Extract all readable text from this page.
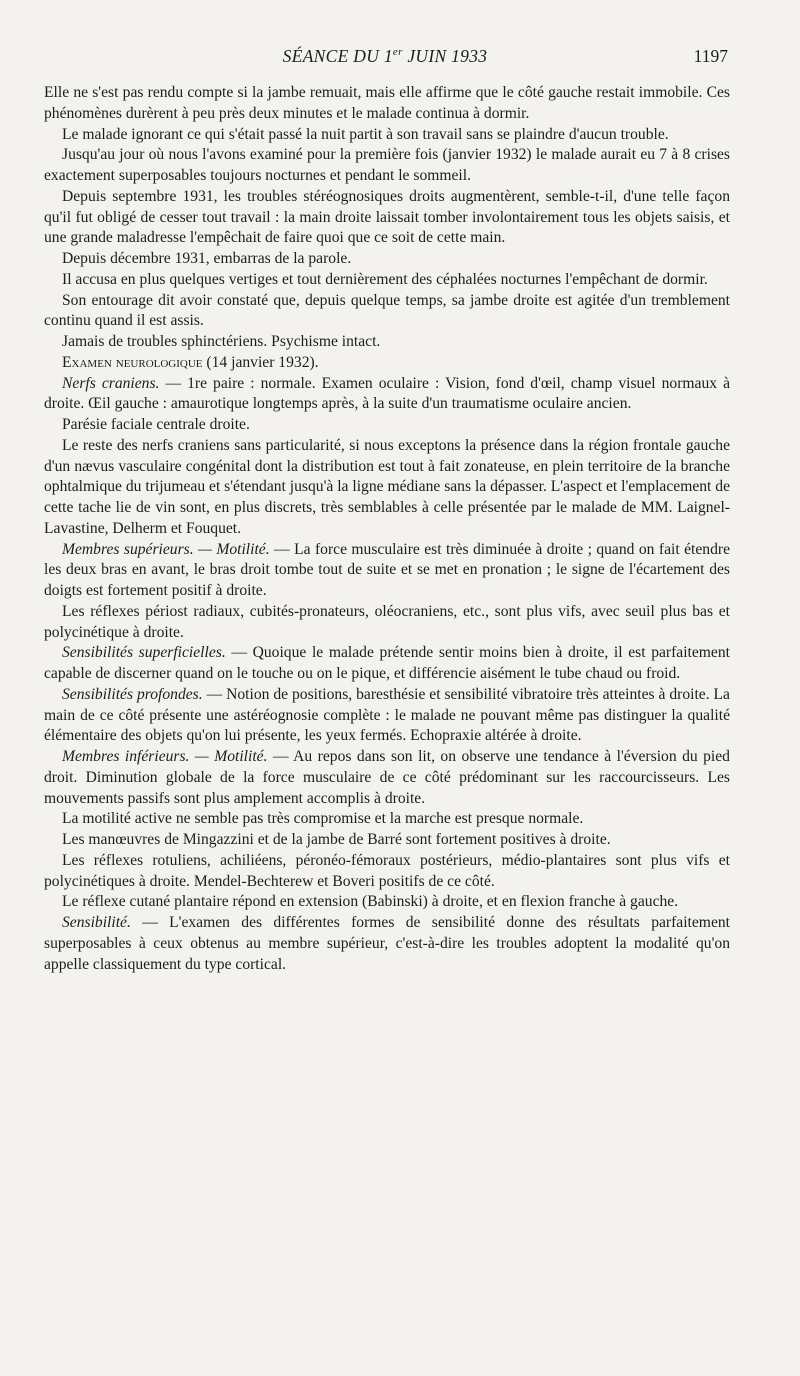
SÉANCE DU 1er JUIN 1933	1197

Elle ne s'est pas rendu compte si la jambe remuait, mais elle affirme que le côté gauche restait immobile. Ces phénomènes durèrent à peu près deux minutes et le malade continua à dormir.

Le malade ignorant ce qui s'était passé la nuit partit à son travail sans se plaindre d'aucun trouble.

Jusqu'au jour où nous l'avons examiné pour la première fois (janvier 1932) le malade aurait eu 7 à 8 crises exactement superposables toujours nocturnes et pendant le sommeil.

Depuis septembre 1931, les troubles stéréognosiques droits augmentèrent, semble-t-il, d'une telle façon qu'il fut obligé de cesser tout travail : la main droite laissait tomber involontairement tous les objets saisis, et une grande maladresse l'empêchait de faire quoi que ce soit de cette main.

Depuis décembre 1931, embarras de la parole.

Il accusa en plus quelques vertiges et tout dernièrement des céphalées nocturnes l'empêchant de dormir.

Son entourage dit avoir constaté que, depuis quelque temps, sa jambe droite est agitée d'un tremblement continu quand il est assis.

Jamais de troubles sphinctériens. Psychisme intact.

Examen neurologique (14 janvier 1932).

Nerfs craniens. — 1re paire : normale. Examen oculaire : Vision, fond d'œil, champ visuel normaux à droite. Œil gauche : amaurotique longtemps après, à la suite d'un traumatisme oculaire ancien.

Parésie faciale centrale droite.

Le reste des nerfs craniens sans particularité, si nous exceptons la présence dans la région frontale gauche d'un nævus vasculaire congénital dont la distribution est tout à fait zonateuse, en plein territoire de la branche ophtalmique du trijumeau et s'étendant jusqu'à la ligne médiane sans la dépasser. L'aspect et l'emplacement de cette tache lie de vin sont, en plus discrets, très semblables à celle présentée par le malade de MM. Laignel-Lavastine, Delherm et Fouquet.

Membres supérieurs. — Motilité. — La force musculaire est très diminuée à droite ; quand on fait étendre les deux bras en avant, le bras droit tombe tout de suite et se met en pronation ; le signe de l'écartement des doigts est fortement positif à droite.

Les réflexes périost radiaux, cubités-pronateurs, oléocraniens, etc., sont plus vifs, avec seuil plus bas et polycinétique à droite.

Sensibilités superficielles. — Quoique le malade prétende sentir moins bien à droite, il est parfaitement capable de discerner quand on le touche ou on le pique, et différencie aisément le tube chaud ou froid.

Sensibilités profondes. — Notion de positions, baresthésie et sensibilité vibratoire très atteintes à droite. La main de ce côté présente une astéréognosie complète : le malade ne pouvant même pas distinguer la qualité élémentaire des objets qu'on lui présente, les yeux fermés. Echopraxie altérée à droite.

Membres inférieurs. — Motilité. — Au repos dans son lit, on observe une tendance à l'éversion du pied droit. Diminution globale de la force musculaire de ce côté prédominant sur les raccourcisseurs. Les mouvements passifs sont plus amplement accomplis à droite.

La motilité active ne semble pas très compromise et la marche est presque normale.

Les manœuvres de Mingazzini et de la jambe de Barré sont fortement positives à droite.

Les réflexes rotuliens, achiliéens, péronéo-fémoraux postérieurs, médio-plantaires sont plus vifs et polycinétiques à droite. Mendel-Bechterew et Boveri positifs de ce côté.

Le réflexe cutané plantaire répond en extension (Babinski) à droite, et en flexion franche à gauche.

Sensibilité. — L'examen des différentes formes de sensibilité donne des résultats parfaitement superposables à ceux obtenus au membre supérieur, c'est-à-dire les troubles adoptent la modalité qu'on appelle classiquement du type cortical.
